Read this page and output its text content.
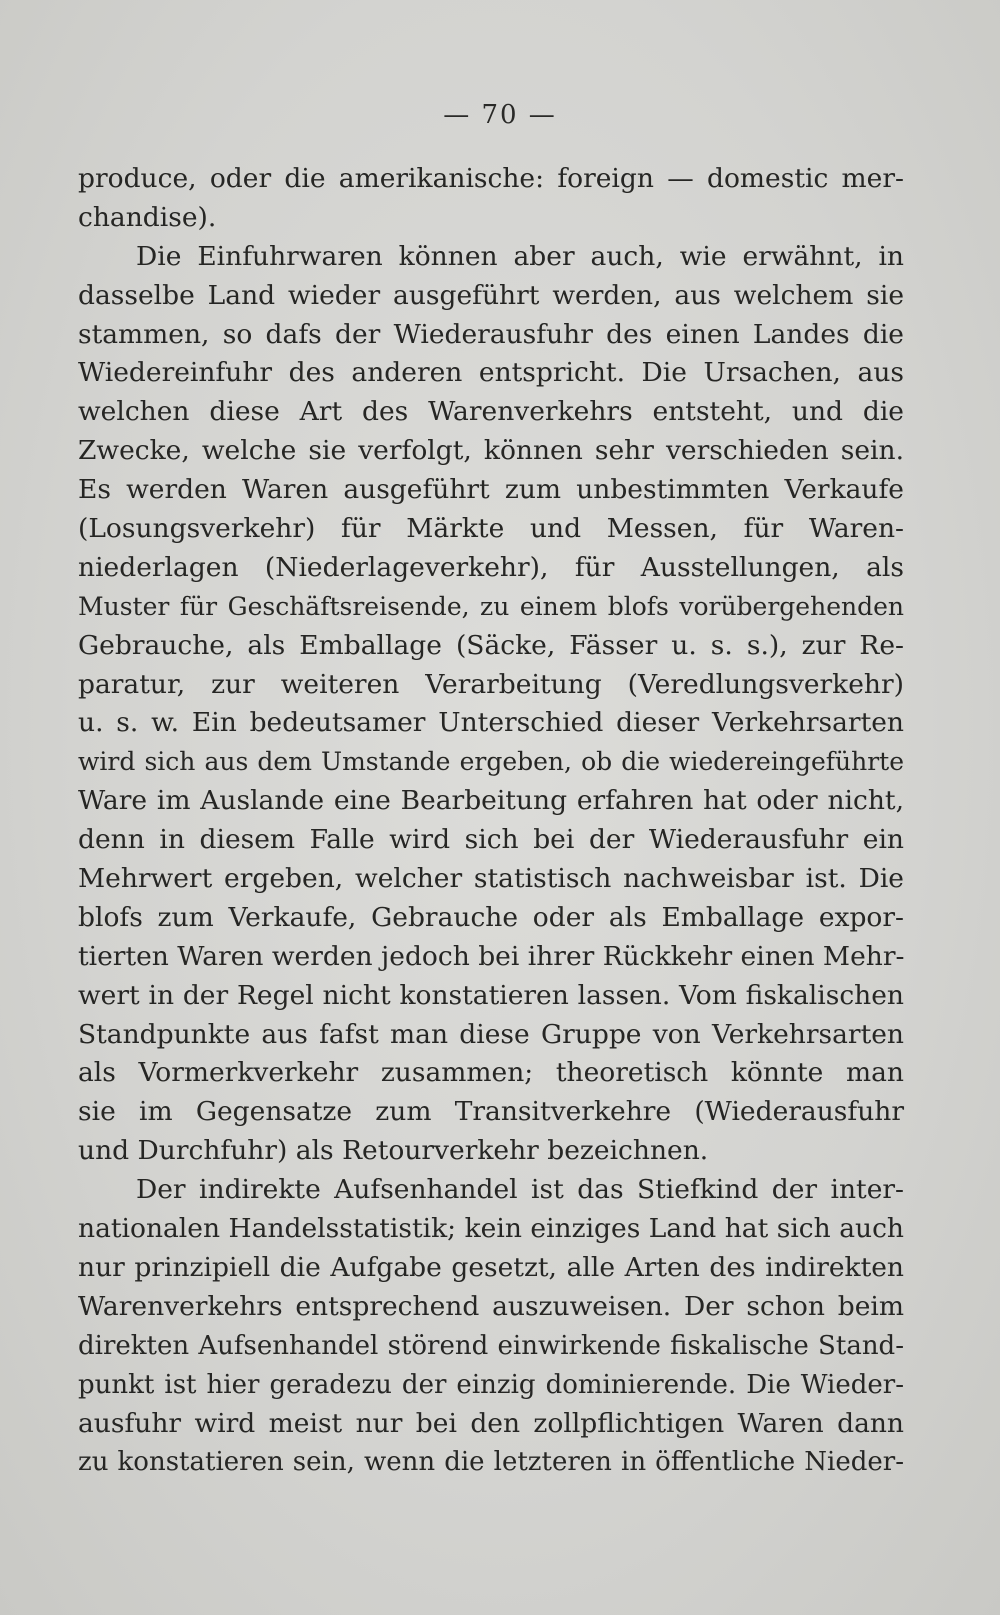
— 70 —
produce, oder die amerikanische: foreign — domestic mer-
chandise).
Die Einfuhrwaren können aber auch, wie erwähnt, in
dasselbe Land wieder ausgeführt werden, aus welchem sie
stammen, so dafs der Wiederausfuhr des einen Landes die
Wiedereinfuhr des anderen entspricht. Die Ursachen, aus
welchen diese Art des Warenverkehrs entsteht, und die
Zwecke, welche sie verfolgt, können sehr verschieden sein.
Es werden Waren ausgeführt zum unbestimmten Verkaufe
(Losungsverkehr) für Märkte und Messen, für Waren-
niederlagen (Niederlageverkehr), für Ausstellungen, als
Muster für Geschäftsreisende, zu einem blofs vorübergehenden
Gebrauche, als Emballage (Säcke, Fässer u. s. s.), zur Re-
paratur, zur weiteren Verarbeitung (Veredlungsverkehr)
u. s. w. Ein bedeutsamer Unterschied dieser Verkehrsarten
wird sich aus dem Umstande ergeben, ob die wiedereingeführte
Ware im Auslande eine Bearbeitung erfahren hat oder nicht,
denn in diesem Falle wird sich bei der Wiederausfuhr ein
Mehrwert ergeben, welcher statistisch nachweisbar ist. Die
blofs zum Verkaufe, Gebrauche oder als Emballage expor-
tierten Waren werden jedoch bei ihrer Rückkehr einen Mehr-
wert in der Regel nicht konstatieren lassen. Vom fiskalischen
Standpunkte aus fafst man diese Gruppe von Verkehrsarten
als Vormerkverkehr zusammen; theoretisch könnte man
sie im Gegensatze zum Transitverkehre (Wiederausfuhr
und Durchfuhr) als Retourverkehr bezeichnen.
Der indirekte Aufsenhandel ist das Stiefkind der inter-
nationalen Handelsstatistik; kein einziges Land hat sich auch
nur prinzipiell die Aufgabe gesetzt, alle Arten des indirekten
Warenverkehrs entsprechend auszuweisen. Der schon beim
direkten Aufsenhandel störend einwirkende fiskalische Stand-
punkt ist hier geradezu der einzig dominierende. Die Wieder-
ausfuhr wird meist nur bei den zollpflichtigen Waren dann
zu konstatieren sein, wenn die letzteren in öffentliche Nieder-
